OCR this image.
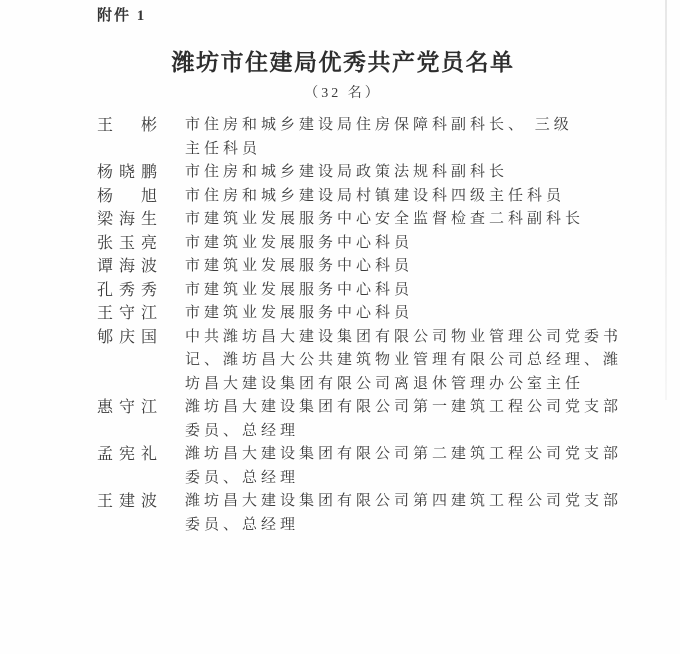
附件 1
潍坊市住建局优秀共产党员名单
（32 名）
王　彬	市住房和城乡建设局住房保障科副科长、 三级
主任科员
杨晓鹏	市住房和城乡建设局政策法规科副科长
杨　旭	市住房和城乡建设局村镇建设科四级主任科员
梁海生	市建筑业发展服务中心安全监督检查二科副科长
张玉亮	市建筑业发展服务中心科员
谭海波	市建筑业发展服务中心科员
孔秀秀	市建筑业发展服务中心科员
王守江	市建筑业发展服务中心科员
郇庆国	中共潍坊昌大建设集团有限公司物业管理公司党委书
记、潍坊昌大公共建筑物业管理有限公司总经理、潍
坊昌大建设集团有限公司离退休管理办公室主任
惠守江	潍坊昌大建设集团有限公司第一建筑工程公司党支部
委员、总经理
孟宪礼	潍坊昌大建设集团有限公司第二建筑工程公司党支部
委员、总经理
王建波	潍坊昌大建设集团有限公司第四建筑工程公司党支部
委员、总经理
